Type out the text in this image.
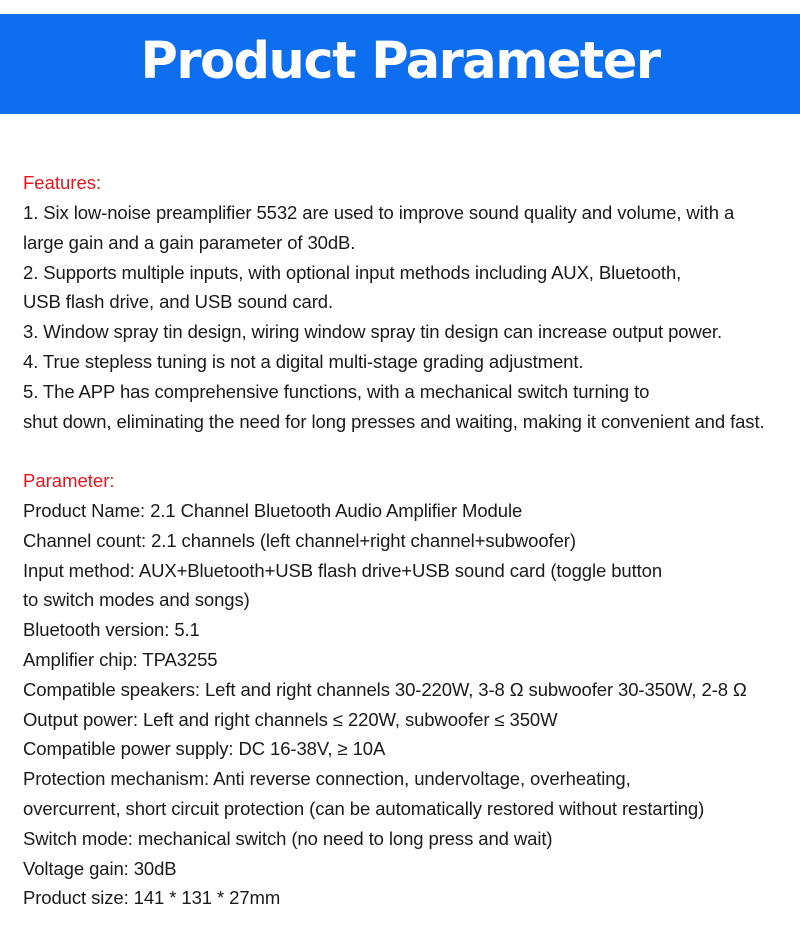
Product Parameter
Features:
1. Six low-noise preamplifier 5532 are used to improve sound quality and volume, with a
large gain and a gain parameter of 30dB.
2. Supports multiple inputs, with optional input methods including AUX, Bluetooth,
USB flash drive, and USB sound card.
3. Window spray tin design, wiring window spray tin design can increase output power.
4. True stepless tuning is not a digital multi-stage grading adjustment.
5. The APP has comprehensive functions, with a mechanical switch turning to
shut down, eliminating the need for long presses and waiting, making it convenient and fast.
Parameter:
Product Name: 2.1 Channel Bluetooth Audio Amplifier Module
Channel count: 2.1 channels (left channel+right channel+subwoofer)
Input method: AUX+Bluetooth+USB flash drive+USB sound card (toggle button
to switch modes and songs)
Bluetooth version: 5.1
Amplifier chip: TPA3255
Compatible speakers: Left and right channels 30-220W, 3-8 Ω subwoofer 30-350W, 2-8 Ω
Output power: Left and right channels ≤ 220W, subwoofer ≤ 350W
Compatible power supply: DC 16-38V, ≥ 10A
Protection mechanism: Anti reverse connection, undervoltage, overheating,
overcurrent, short circuit protection (can be automatically restored without restarting)
Switch mode: mechanical switch (no need to long press and wait)
Voltage gain: 30dB
Product size: 141 * 131 * 27mm
